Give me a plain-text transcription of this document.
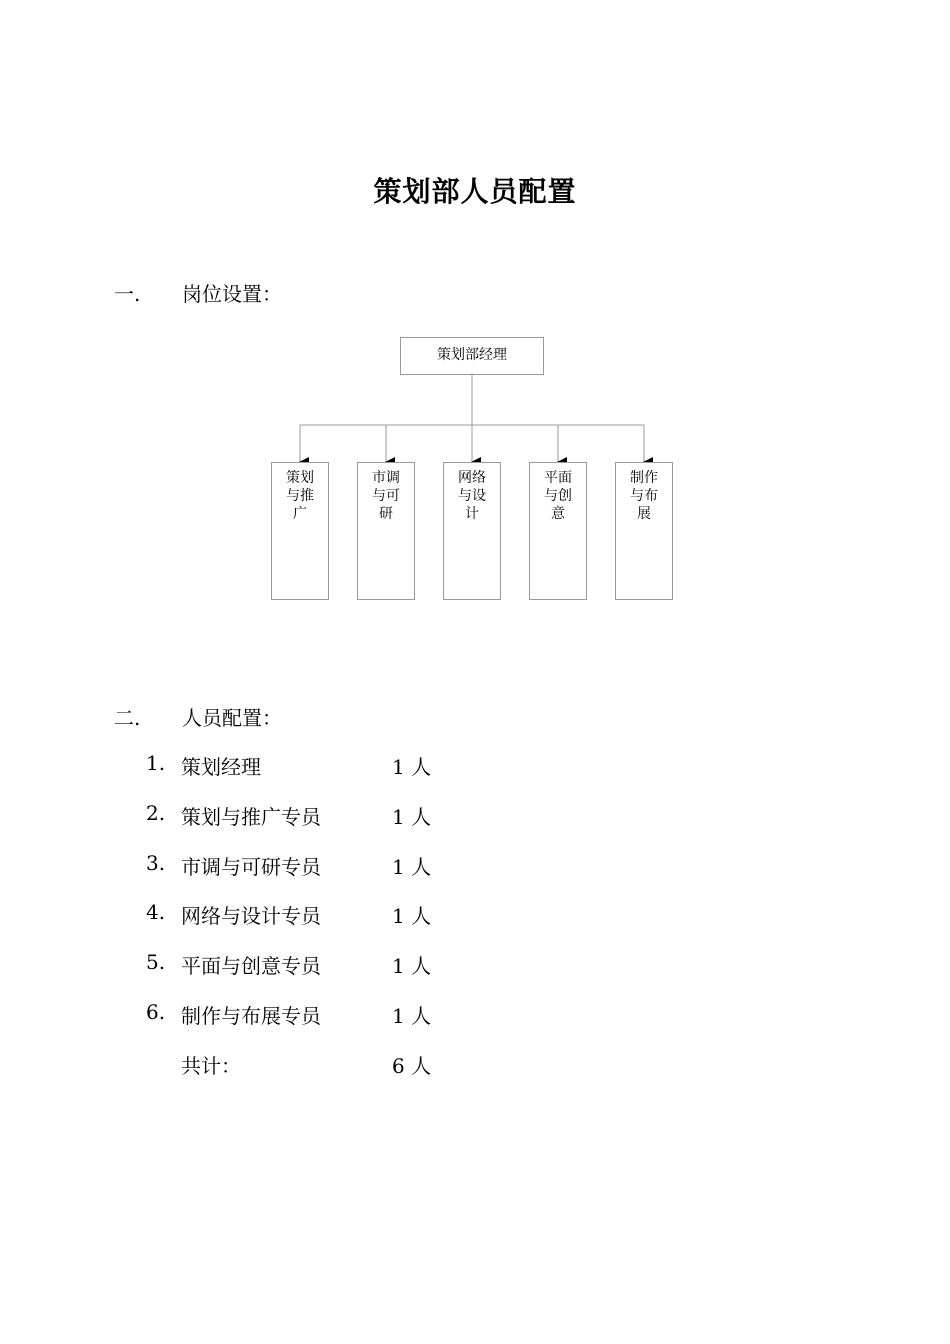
策划部人员配置
一. 岗位设置：
策划部经理
策划与推广
市调与可研
网络与设计
平面与创意
制作与布展
二. 人员配置：
1. 策划经理	1 人
2. 策划与推广专员	1 人
3. 市调与可研专员	1 人
4. 网络与设计专员	1 人
5. 平面与创意专员	1 人
6. 制作与布展专员	1 人
共计：	6 人
